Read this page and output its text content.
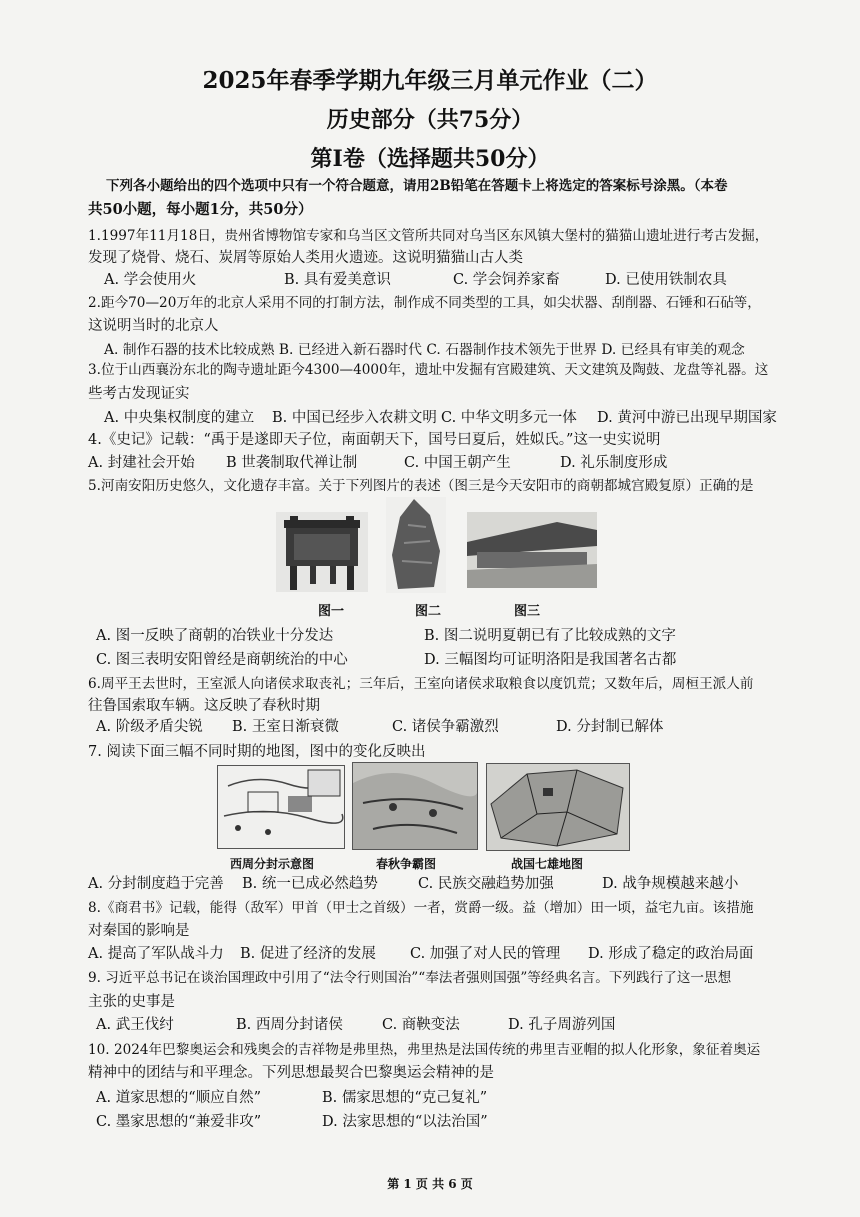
2025年春季学期九年级三月单元作业（二）
历史部分（共75分）
第Ⅰ卷（选择题共50分）
下列各小题给出的四个选项中只有一个符合题意，请用2B铅笔在答题卡上将选定的答案标号涂黑。（本卷
共50小题，每小题1分，共50分）
1.1997年11月18日，贵州省博物馆专家和乌当区文管所共同对乌当区东风镇大堡村的猫猫山遗址进行考古发掘，
发现了烧骨、烧石、炭屑等原始人类用火遗迹。这说明猫猫山古人类
A. 学会使用火	B. 具有爱美意识	C. 学会饲养家畜	D. 已使用铁制农具
2.距今70—20万年的北京人采用不同的打制方法，制作成不同类型的工具，如尖状器、刮削器、石锤和石砧等，
这说明当时的北京人
A. 制作石器的技术比较成熟 B. 已经进入新石器时代 C. 石器制作技术领先于世界 D. 已经具有审美的观念
3.位于山西襄汾东北的陶寺遗址距今4300—4000年，遗址中发掘有宫殿建筑、天文建筑及陶鼓、龙盘等礼器。这
些考古发现证实
A. 中央集权制度的建立 B. 中国已经步入农耕文明 C. 中华文明多元一体 D. 黄河中游已出现早期国家
4.《史记》记载：“禹于是遂即天子位，南面朝天下，国号曰夏后，姓姒氏。”这一史实说明
A. 封建社会开始 B 世袭制取代禅让制	C. 中国王朝产生	D. 礼乐制度形成
5.河南安阳历史悠久，文化遗存丰富。关于下列图片的表述（图三是今天安阳市的商朝都城宫殿复原）正确的是
图一	图二	图三
A. 图一反映了商朝的冶铁业十分发达	B. 图二说明夏朝已有了比较成熟的文字
C. 图三表明安阳曾经是商朝统治的中心	D. 三幅图均可证明洛阳是我国著名古都
6.周平王去世时，王室派人向诸侯求取丧礼；三年后，王室向诸侯求取粮食以度饥荒；又数年后，周桓王派人前
往鲁国索取车辆。这反映了春秋时期
A. 阶级矛盾尖锐 B. 王室日渐衰微	C. 诸侯争霸激烈	D. 分封制已解体
7. 阅读下面三幅不同时期的地图，图中的变化反映出
西周分封示意图	春秋争霸图	战国七雄地图
A. 分封制度趋于完善 B. 统一已成必然趋势	C. 民族交融趋势加强	D. 战争规模越来越小
8.《商君书》记载，能得（敌军）甲首（甲士之首级）一者，赏爵一级。益（增加）田一顷，益宅九亩。该措施
对秦国的影响是
A. 提高了军队战斗力 B. 促进了经济的发展 C. 加强了对人民的管理 D. 形成了稳定的政治局面
9. 习近平总书记在谈治国理政中引用了“法令行则国治”“奉法者强则国强”等经典名言。下列践行了这一思想
主张的史事是
A. 武王伐纣	B. 西周分封诸侯	C. 商鞅变法	D. 孔子周游列国
10. 2024年巴黎奥运会和残奥会的吉祥物是弗里热，弗里热是法国传统的弗里吉亚帽的拟人化形象，象征着奥运
精神中的团结与和平理念。下列思想最契合巴黎奥运会精神的是
A. 道家思想的“顺应自然”	B. 儒家思想的“克己复礼”
C. 墨家思想的“兼爱非攻”	D. 法家思想的“以法治国”
第 1 页 共 6 页
